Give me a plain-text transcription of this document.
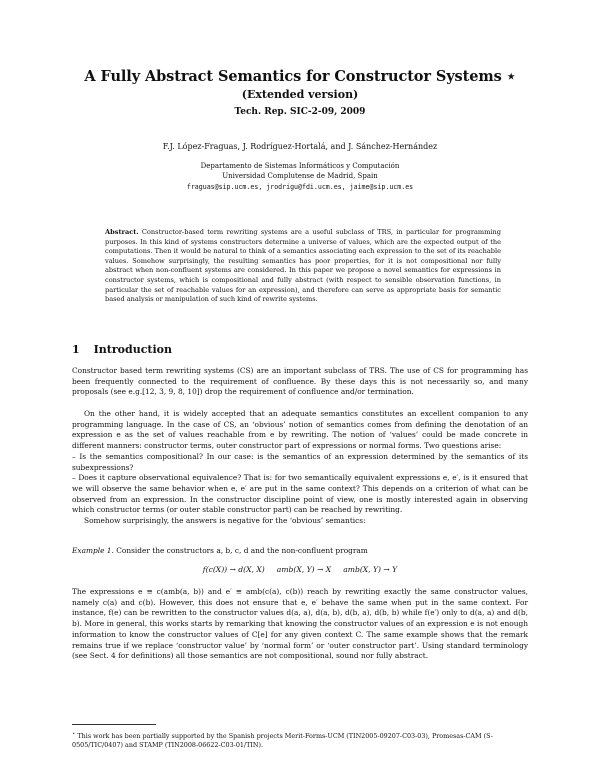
A Fully Abstract Semantics for Constructor Systems ⋆
(Extended version)
Tech. Rep. SIC-2-09, 2009
F.J. López-Fraguas, J. Rodríguez-Hortalá, and J. Sánchez-Hernández
Departamento de Sistemas Informáticos y Computación
Universidad Complutense de Madrid, Spain
fraguas@sip.ucm.es, jrodrigu@fdi.ucm.es, jaime@sip.ucm.es
Abstract. Constructor-based term rewriting systems are a useful subclass of TRS, in particular for programming purposes. In this kind of systems constructors determine a universe of values, which are the expected output of the computations. Then it would be natural to think of a semantics associating each expression to the set of its reachable values. Somehow surprisingly, the resulting semantics has poor properties, for it is not compositional nor fully abstract when non-confluent systems are considered. In this paper we propose a novel semantics for expressions in constructor systems, which is compositional and fully abstract (with respect to sensible observation functions, in particular the set of reachable values for an expression), and therefore can serve as appropriate basis for semantic based analysis or manipulation of such kind of rewrite systems.
1 Introduction
Constructor based term rewriting systems (CS) are an important subclass of TRS. The use of CS for programming has been frequently connected to the requirement of confluence. By these days this is not necessarily so, and many proposals (see e.g.[12, 3, 9, 8, 10]) drop the requirement of confluence and/or termination.
On the other hand, it is widely accepted that an adequate semantics constitutes an excellent companion to any programming language. In the case of CS, an ‘obvious’ notion of semantics comes from defining the denotation of an expression e as the set of values reachable from e by rewriting. The notion of ‘values’ could be made concrete in different manners: constructor terms, outer constructor part of expressions or normal forms. Two questions arise:
– Is the semantics compositional? In our case: is the semantics of an expression determined by the semantics of its subexpressions?
– Does it capture observational equivalence? That is: for two semantically equivalent expressions e, e′, is it ensured that we will observe the same behavior when e, e′ are put in the same context? This depends on a criterion of what can be observed from an expression. In the constructor discipline point of view, one is mostly interested again in observing which constructor terms (or outer stable constructor part) can be reached by rewriting.
Somehow surprisingly, the answers is negative for the ‘obvious’ semantics:
Example 1. Consider the constructors a, b, c, d and the non-confluent program
f(c(X)) → d(X, X)     amb(X, Y) → X     amb(X, Y) → Y
The expressions e ≡ c(amb(a, b)) and e′ ≡ amb(c(a), c(b)) reach by rewriting exactly the same constructor values, namely c(a) and c(b). However, this does not ensure that e, e′ behave the same when put in the same context. For instance, f(e) can be rewritten to the constructor values d(a, a), d(a, b), d(b, a), d(b, b) while f(e′) only to d(a, a) and d(b, b). More in general, this works starts by remarking that knowing the constructor values of an expression e is not enough information to know the constructor values of C[e] for any given context C. The same example shows that the remark remains true if we replace ‘constructor value’ by ‘normal form’ or ‘outer constructor part’. Using standard terminology (see Sect. 4 for definitions) all those semantics are not compositional, sound nor fully abstract.
⋆ This work has been partially supported by the Spanish projects Merit-Forms-UCM (TIN2005-09207-C03-03), Promesas-CAM (S-0505/TIC/0407) and STAMP (TIN2008-06622-C03-01/TIN).
